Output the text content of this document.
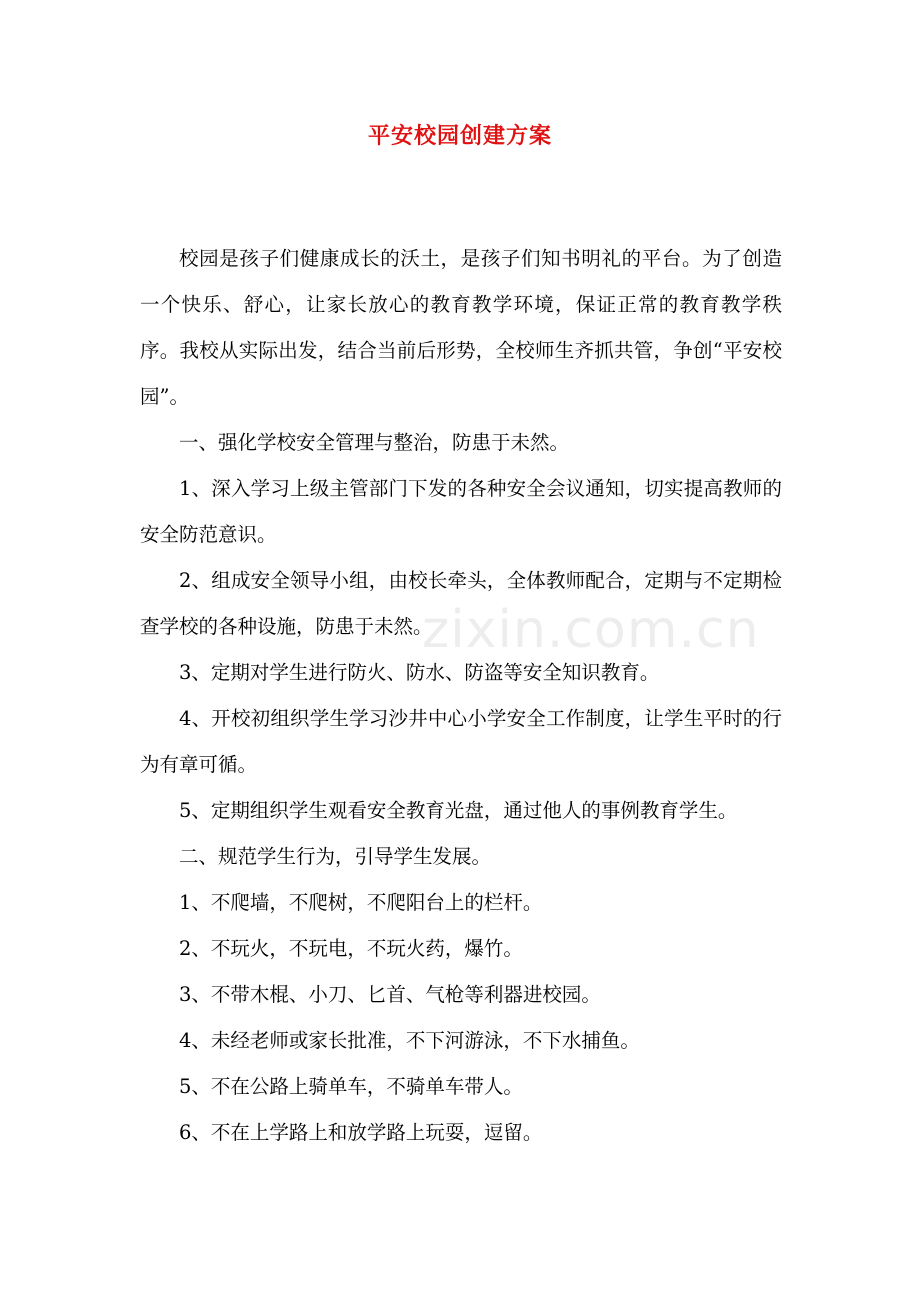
平安校园创建方案
zixin.com.cn

校园是孩子们健康成长的沃土，是孩子们知书明礼的平台。为了创造一个快乐、舒心，让家长放心的教育教学环境，保证正常的教育教学秩序。我校从实际出发，结合当前后形势，全校师生齐抓共管，争创“平安校园”。

一、强化学校安全管理与整治，防患于未然。

1、深入学习上级主管部门下发的各种安全会议通知，切实提高教师的安全防范意识。

2、组成安全领导小组，由校长牵头，全体教师配合，定期与不定期检查学校的各种设施，防患于未然。

3、定期对学生进行防火、防水、防盗等安全知识教育。

4、开校初组织学生学习沙井中心小学安全工作制度，让学生平时的行为有章可循。

5、定期组织学生观看安全教育光盘，通过他人的事例教育学生。

二、规范学生行为，引导学生发展。

1、不爬墙，不爬树，不爬阳台上的栏杆。

2、不玩火，不玩电，不玩火药，爆竹。

3、不带木棍、小刀、匕首、气枪等利器进校园。

4、未经老师或家长批准，不下河游泳，不下水捕鱼。

5、不在公路上骑单车，不骑单车带人。

6、不在上学路上和放学路上玩耍，逗留。
